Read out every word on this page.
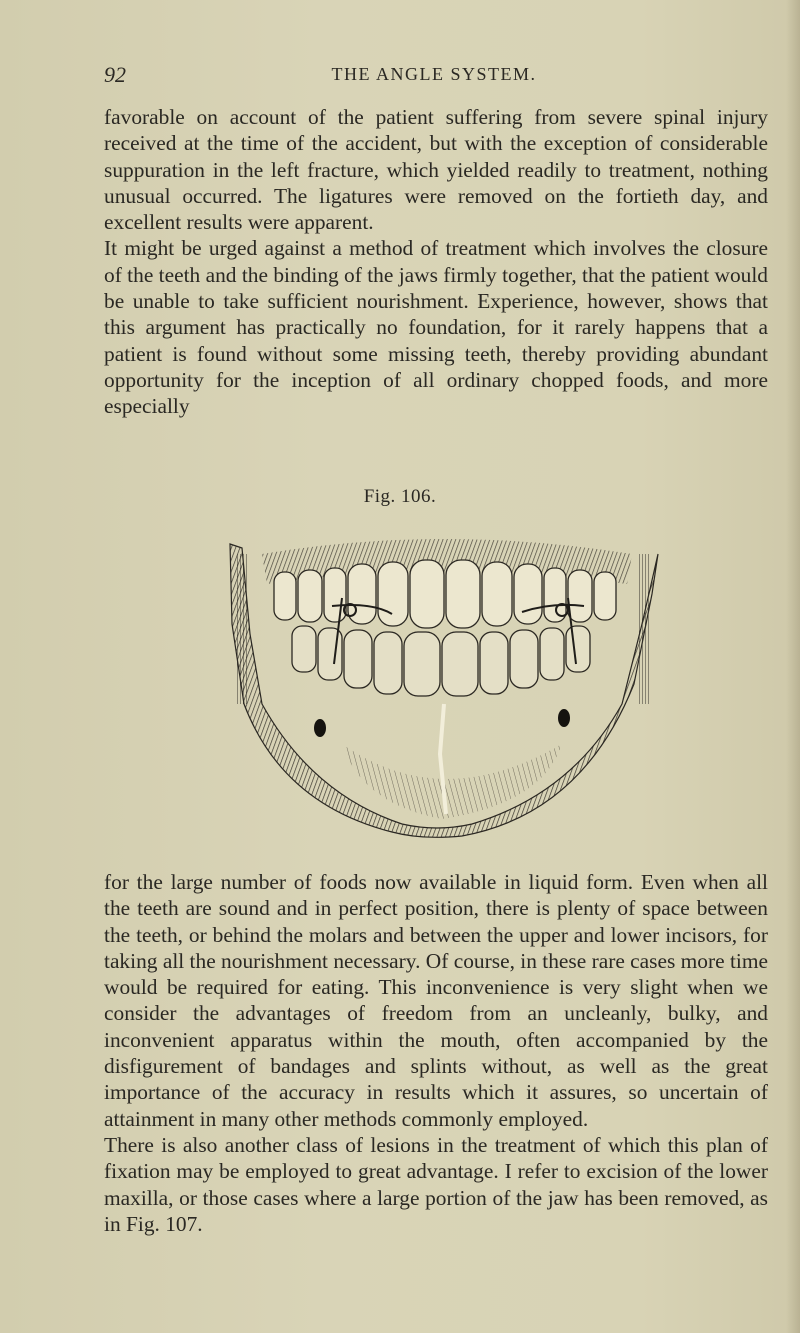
92	THE ANGLE SYSTEM.

favorable on account of the patient suffering from severe spinal injury received at the time of the accident, but with the exception of considerable suppuration in the left fracture, which yielded readily to treatment, nothing unusual occurred. The ligatures were removed on the fortieth day, and excellent results were apparent.

It might be urged against a method of treatment which involves the closure of the teeth and the binding of the jaws firmly together, that the patient would be unable to take sufficient nourishment. Experience, however, shows that this argument has practically no foundation, for it rarely happens that a patient is found without some missing teeth, thereby providing abundant opportunity for the inception of all ordinary chopped foods, and more especially

Fig. 106.

for the large number of foods now available in liquid form. Even when all the teeth are sound and in perfect position, there is plenty of space between the teeth, or behind the molars and between the upper and lower incisors, for taking all the nourishment necessary. Of course, in these rare cases more time would be required for eating. This inconvenience is very slight when we consider the advantages of freedom from an uncleanly, bulky, and inconvenient apparatus within the mouth, often accompanied by the disfigurement of bandages and splints without, as well as the great importance of the accuracy in results which it assures, so uncertain of attainment in many other methods commonly employed.

There is also another class of lesions in the treatment of which this plan of fixation may be employed to great advantage. I refer to excision of the lower maxilla, or those cases where a large portion of the jaw has been removed, as in Fig. 107.
